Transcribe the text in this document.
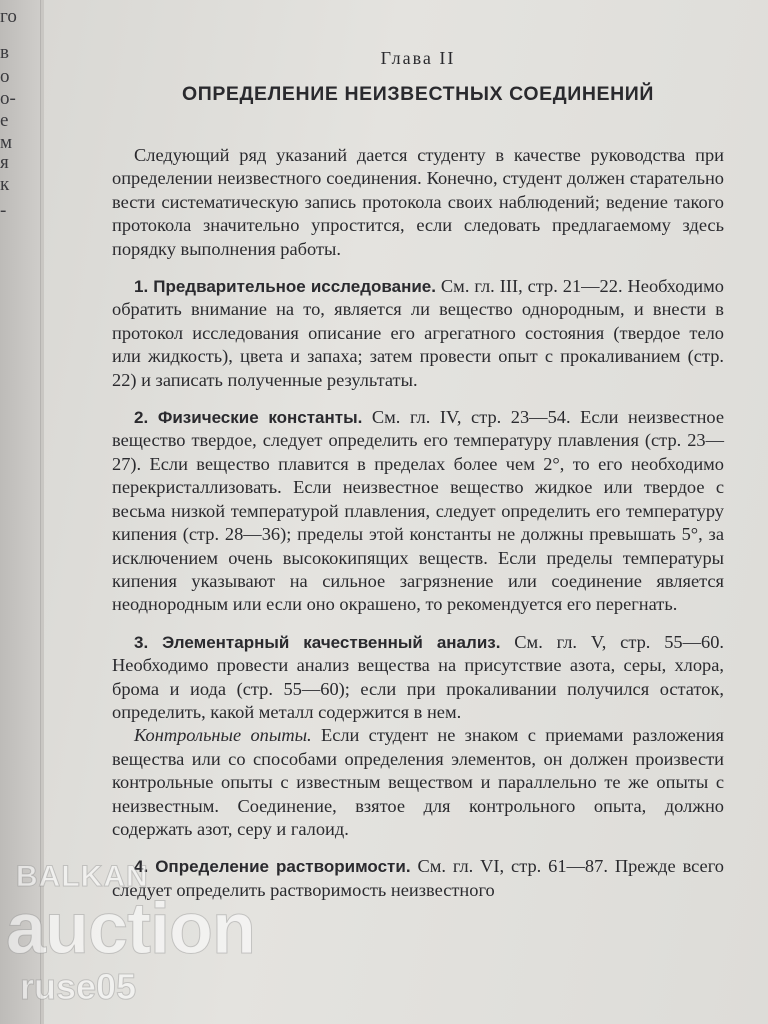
го
в
о
о-
е
м
я
к
-
Глава II
ОПРЕДЕЛЕНИЕ НЕИЗВЕСТНЫХ СОЕДИНЕНИЙ

Следующий ряд указаний дается студенту в качестве руководства при определении неизвестного соединения. Конечно, студент должен старательно вести систематическую запись протокола своих наблюдений; ведение такого протокола значительно упростится, если следовать предлагаемому здесь порядку выполнения работы.

1. Предварительное исследование. См. гл. III, стр. 21—22. Необходимо обратить внимание на то, является ли вещество однородным, и внести в протокол исследования описание его агрегатного состояния (твердое тело или жидкость), цвета и запаха; затем провести опыт с прокаливанием (стр. 22) и записать полученные результаты.

2. Физические константы. См. гл. IV, стр. 23—54. Если неизвестное вещество твердое, следует определить его температуру плавления (стр. 23—27). Если вещество плавится в пределах более чем 2°, то его необходимо перекристаллизовать. Если неизвестное вещество жидкое или твердое с весьма низкой температурой плавления, следует определить его температуру кипения (стр. 28—36); пределы этой константы не должны превышать 5°, за исключением очень высококипящих веществ. Если пределы температуры кипения указывают на сильное загрязнение или соединение является неоднородным или если оно окрашено, то рекомендуется его перегнать.

3. Элементарный качественный анализ. См. гл. V, стр. 55—60. Необходимо провести анализ вещества на присутствие азота, серы, хлора, брома и иода (стр. 55—60); если при прокаливании получился остаток, определить, какой металл содержится в нем.

Контрольные опыты. Если студент не знаком с приемами разложения вещества или со способами определения элементов, он должен произвести контрольные опыты с известным веществом и параллельно те же опыты с неизвестным. Соединение, взятое для контрольного опыта, должно содержать азот, серу и галоид.

4. Определение растворимости. См. гл. VI, стр. 61—87. Прежде всего следует определить растворимость неизвестного

BALKAN
auction
ruse05
